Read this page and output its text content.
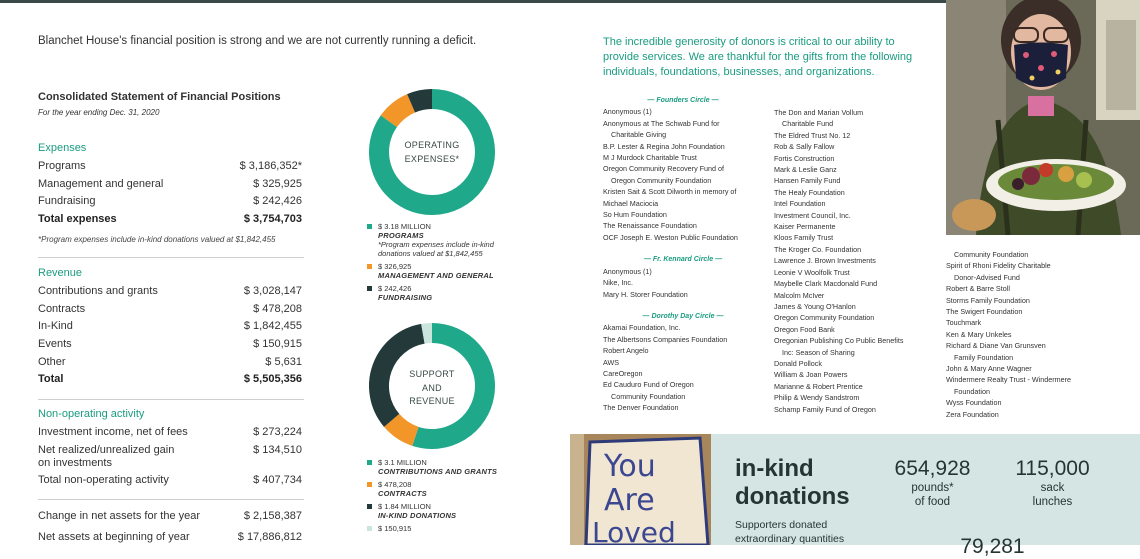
Blanchet House's financial position is strong and we are not currently running a deficit.
Consolidated Statement of Financial Positions
For the year ending Dec. 31, 2020
Expenses
Programs	$ 3,186,352*
Management and general	$ 325,925
Fundraising	$ 242,426
Total expenses	$ 3,754,703
*Program expenses include in-kind donations valued at $1,842,455
Revenue
Contributions and grants	$ 3,028,147
Contracts	$ 478,208
In-Kind	$ 1,842,455
Events	$ 150,915
Other	$ 5,631
Total	$ 5,505,356
Non-operating activity
Investment income, net of fees	$ 273,224
Net realized/unrealized gain	$ 134,510
on investments
Total non-operating activity	$ 407,734
Change in net assets for the year	$ 2,158,387
Net assets at beginning of year	$ 17,886,812
OPERATING
EXPENSES*
$ 3.18 MILLION
PROGRAMS
*Program expenses include in-kind
donations valued at $1,842,455
$ 326,925
MANAGEMENT AND GENERAL
$ 242,426
FUNDRAISING
SUPPORT
AND
REVENUE
$ 3.1 MILLION
CONTRIBUTIONS AND GRANTS
$ 478,208
CONTRACTS
$ 1.84 MILLION
IN-KIND DONATIONS
$ 150,915
The incredible generosity of donors is critical to our ability to provide services. We are thankful for the gifts from the following individuals, foundations, businesses, and organizations.
— Founders Circle —
Anonymous (1)
Anonymous at The Schwab Fund for
Charitable Giving
B.P. Lester & Regina John Foundation
M J Murdock Charitable Trust
Oregon Community Recovery Fund of
Oregon Community Foundation
Kristen Sait & Scott Dilworth in memory of
Michael Maciocia
So Hum Foundation
The Renaissance Foundation
OCF Joseph E. Weston Public Foundation
— Fr. Kennard Circle —
Anonymous (1)
Nike, Inc.
Mary H. Storer Foundation
— Dorothy Day Circle —
Akamai Foundation, Inc.
The Albertsons Companies Foundation
Robert Angelo
AWS
CareOregon
Ed Cauduro Fund of Oregon
Community Foundation
The Denver Foundation
The Don and Marian Vollum
Charitable Fund
The Eldred Trust No. 12
Rob & Sally Fallow
Fortis Construction
Mark & Leslie Ganz
Hansen Family Fund
The Healy Foundation
Intel Foundation
Investment Council, Inc.
Kaiser Permanente
Kloos Family Trust
The Kroger Co. Foundation
Lawrence J. Brown Investments
Leonie V Woolfolk Trust
Maybelle Clark Macdonald Fund
Malcolm McIver
James & Young O'Hanlon
Oregon Community Foundation
Oregon Food Bank
Oregonian Publishing Co Public Benefits
Inc: Season of Sharing
Donald Pollock
William & Joan Powers
Marianne & Robert Prentice
Philip & Wendy Sandstrom
Schamp Family Fund of Oregon
Community Foundation
Spirit of Rhoni Fidelity Charitable
Donor-Advised Fund
Robert & Barre Stoll
Storms Family Foundation
The Swigert Foundation
Touchmark
Ken & Mary Unkeles
Richard & Diane Van Grunsven
Family Foundation
John & Mary Anne Wagner
Windermere Realty Trust - Windermere
Foundation
Wyss Foundation
Zera Foundation
You
Are
Loved
in-kind
donations
Supporters donated
extraordinary quantities
654,928
pounds*
of food
115,000
sack
lunches
79,281
